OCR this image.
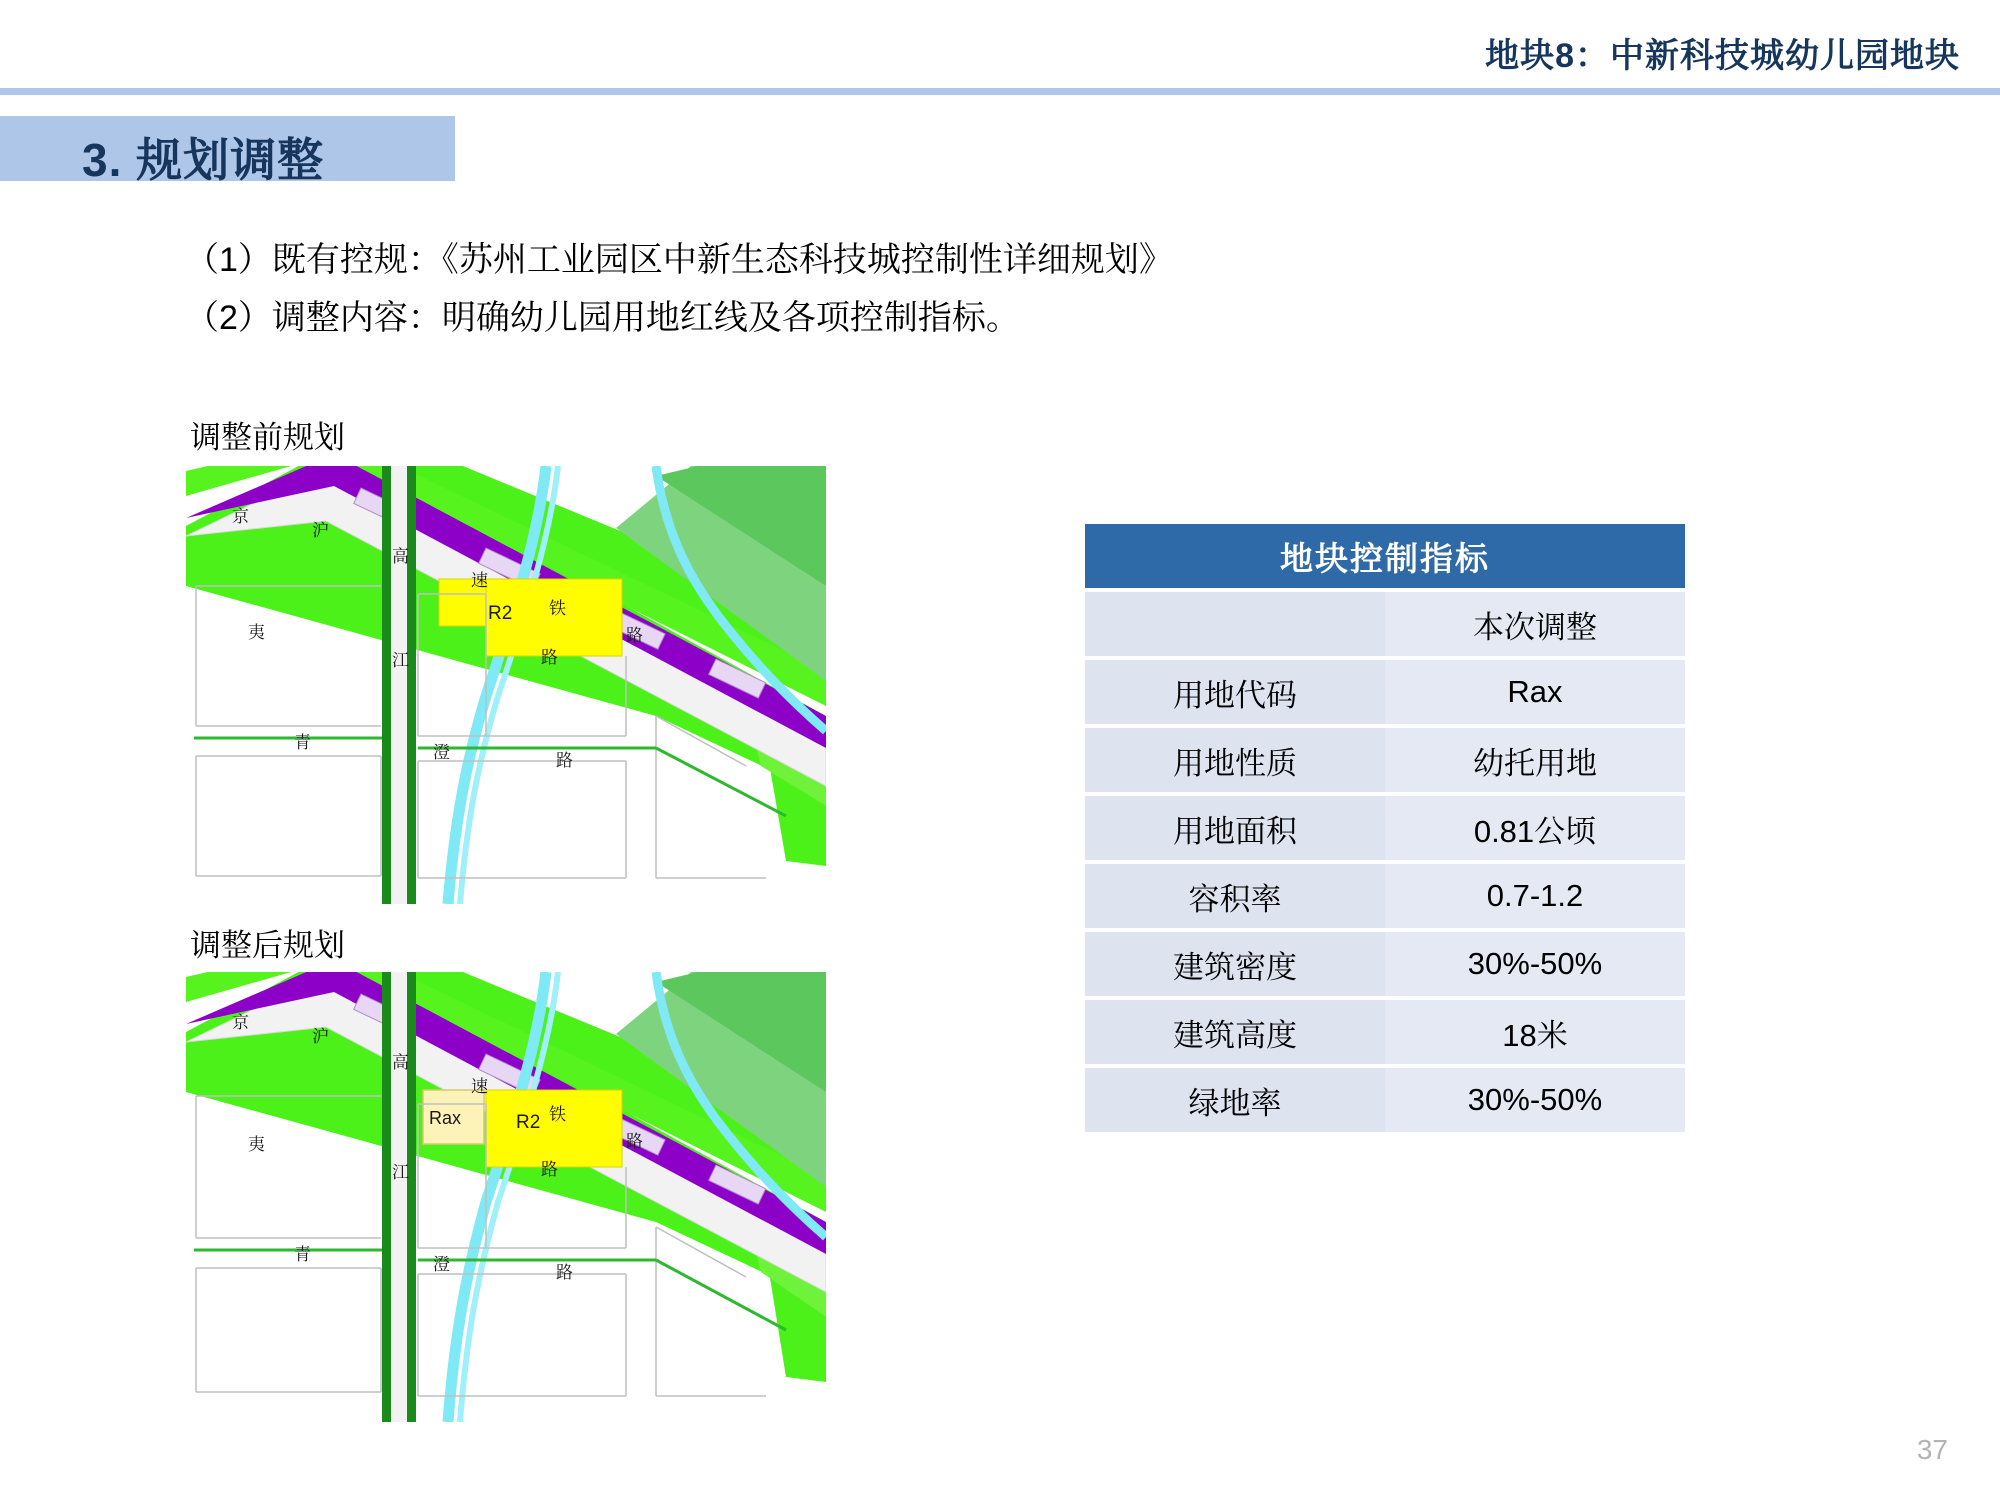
地块8：中新科技城幼儿园地块
3. 规划调整
（1）既有控规：《苏州工业园区中新生态科技城控制性详细规划》
（2）调整内容：明确幼儿园用地红线及各项控制指标。
调整前规划
京
沪
高
速
铁
路
R2
夷
江	路
青
澄	路
调整后规划
京
沪
高
速
铁
路
Rax	R2
夷
江	路
青
澄	路
地块控制指标	
	本次调整
用地代码	Rax
用地性质	幼托用地
用地面积	0.81公顷
容积率	0.7-1.2
建筑密度	30%-50%
建筑高度	18米
绿地率	30%-50%
37
